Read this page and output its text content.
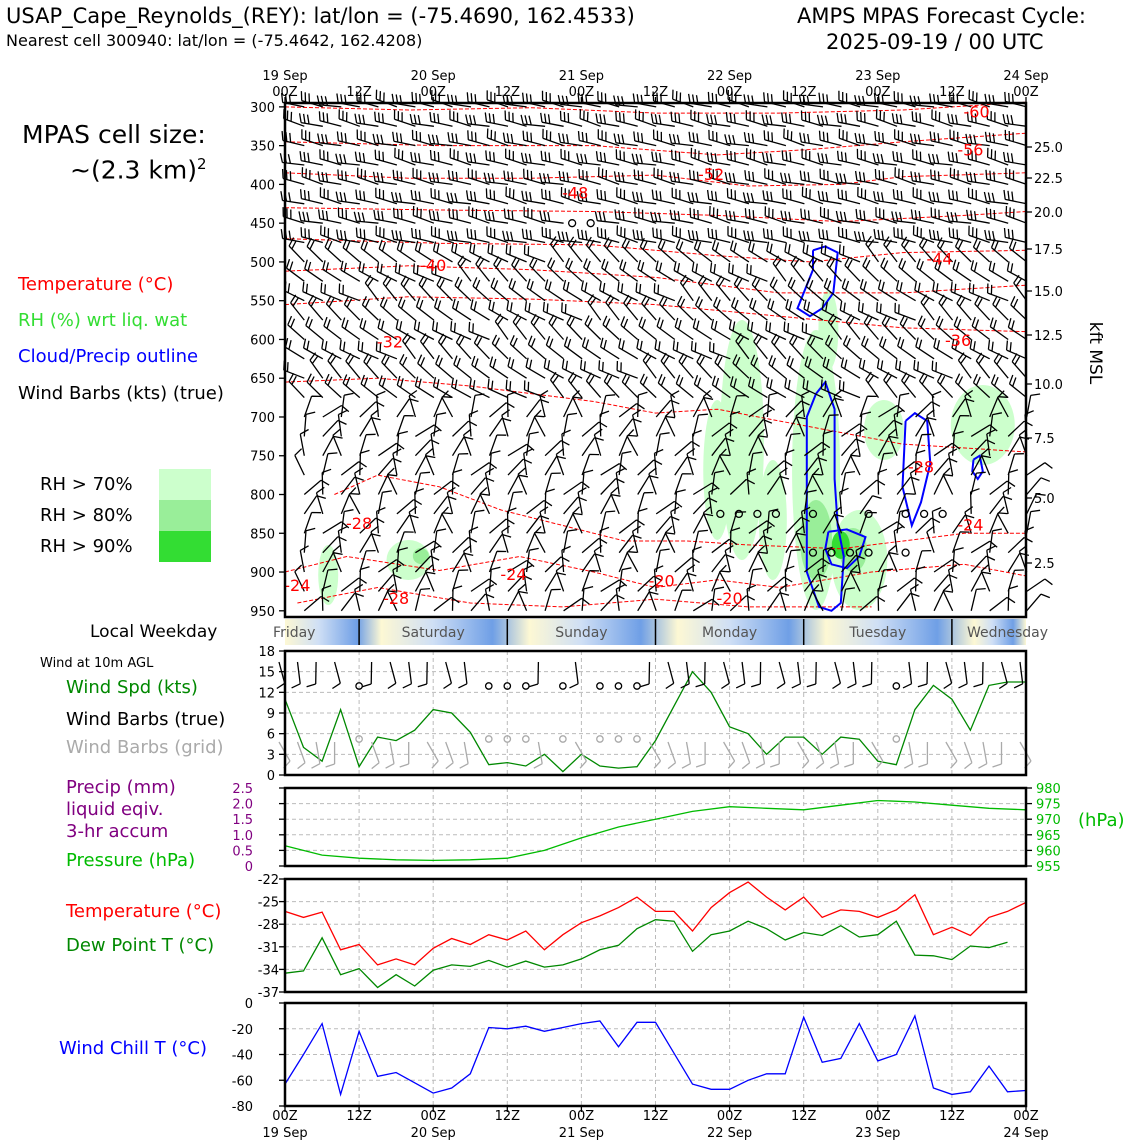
USAP_Cape_Reynolds_(REY): lat/lon = (-75.4690, 162.4533)
Nearest cell 300940: lat/lon = (-75.4642, 162.4208)
AMPS MPAS Forecast Cycle:
2025-09-19 / 00 UTC
MPAS cell size:
~(2.3 km)$^2$
Temperature (°C)
RH (%) wrt liq. wat
Cloud/Precip outline
Wind Barbs (kts) (true)
RH > 70%
RH > 80%
RH > 90%
Local Weekday
Wind at 10m AGL
Wind Spd (kts)
Wind Barbs (true)
Wind Barbs (grid)
Precip (mm)
liquid eqiv.
3-hr accum
Pressure (hPa)
(hPa)
Temperature (°C)
Dew Point T (°C)
Wind Chill T (°C)
-60
-56
-52
-48
-44
-40
-36
-32
-28
-28
-28
-24
-24
-24	-20
-20
300
350
400
450
500
550
600
650
700
750
800
850
900
950
25.0
22.5
20.0
17.5
15.0
12.5
10.0
7.5
5.0
2.5
kft MSL
19 Sep
00Z	12Z
20 Sep
00Z	12Z
21 Sep
00Z	12Z
22 Sep
00Z	12Z
23 Sep
00Z	12Z
24 Sep
00Z
Friday	Saturday	Sunday	Monday	Tuesday	Wednesday
0
3
6
9
12
15
18
0
0.5
1.0
1.5
2.0
2.5
955
960
965
970
975
980
-22
-25
-28
-31
-34
-37
0
-20
-40
-60
-80
00Z
19 Sep
12Z	00Z
20 Sep
12Z	00Z
21 Sep
12Z	00Z
22 Sep
12Z	00Z
23 Sep
12Z	00Z
24 Sep
